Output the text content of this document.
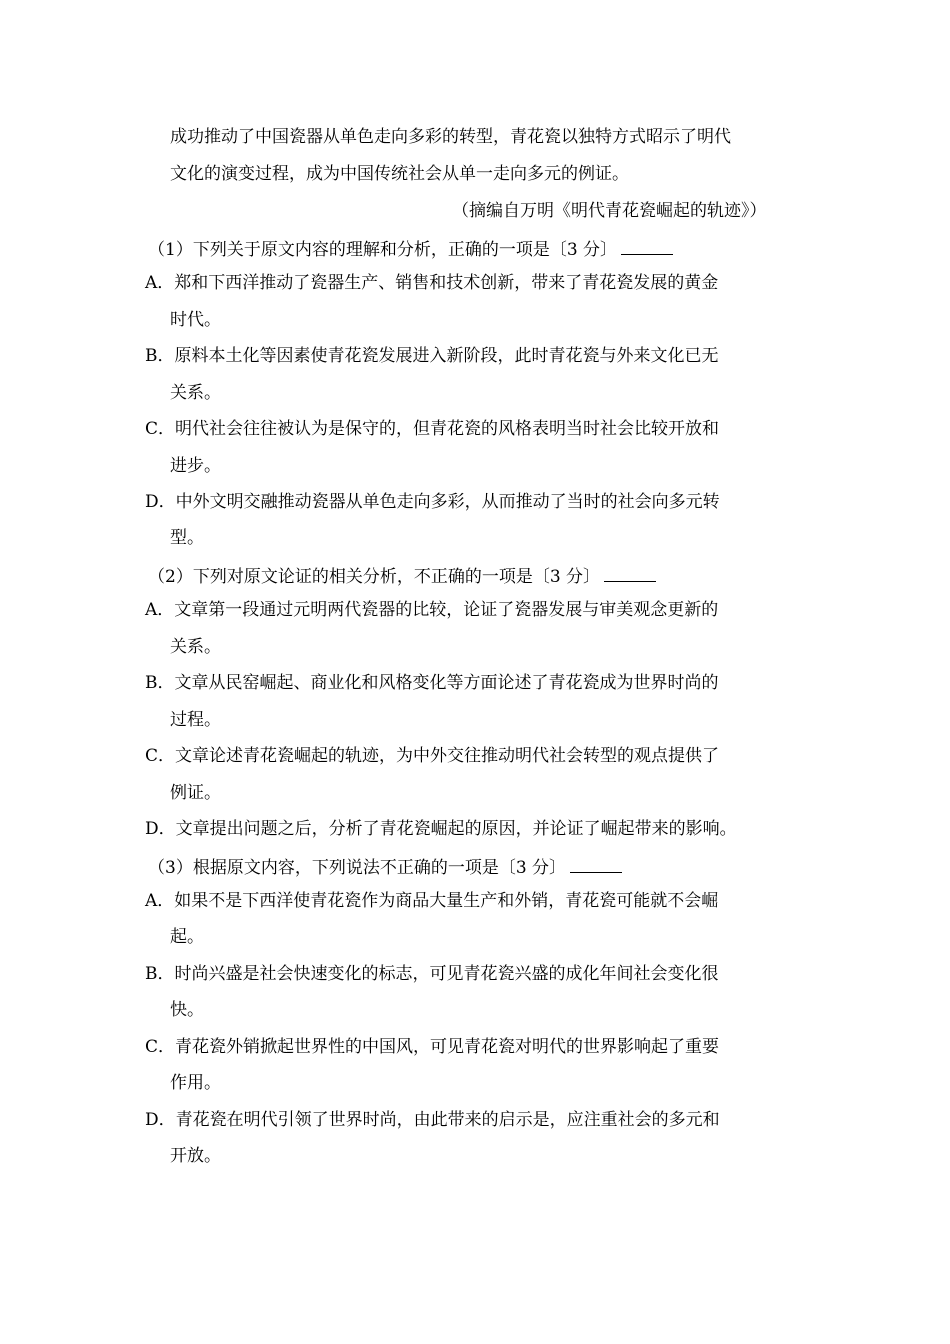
成功推动了中国瓷器从单色走向多彩的转型，青花瓷以独特方式昭示了明代
文化的演变过程，成为中国传统社会从单一走向多元的例证。
（摘编自万明《明代青花瓷崛起的轨迹》）
（1）下列关于原文内容的理解和分析，正确的一项是〔3 分〕
A．郑和下西洋推动了瓷器生产、销售和技术创新，带来了青花瓷发展的黄金
时代。
B．原料本土化等因素使青花瓷发展进入新阶段，此时青花瓷与外来文化已无
关系。
C．明代社会往往被认为是保守的，但青花瓷的风格表明当时社会比较开放和
进步。
D．中外文明交融推动瓷器从单色走向多彩，从而推动了当时的社会向多元转
型。
（2）下列对原文论证的相关分析，不正确的一项是〔3 分〕
A．文章第一段通过元明两代瓷器的比较，论证了瓷器发展与审美观念更新的
关系。
B．文章从民窑崛起、商业化和风格变化等方面论述了青花瓷成为世界时尚的
过程。
C．文章论述青花瓷崛起的轨迹，为中外交往推动明代社会转型的观点提供了
例证。
D．文章提出问题之后，分析了青花瓷崛起的原因，并论证了崛起带来的影响。
（3）根据原文内容，下列说法不正确的一项是〔3 分〕
A．如果不是下西洋使青花瓷作为商品大量生产和外销，青花瓷可能就不会崛
起。
B．时尚兴盛是社会快速变化的标志，可见青花瓷兴盛的成化年间社会变化很
快。
C．青花瓷外销掀起世界性的中国风，可见青花瓷对明代的世界影响起了重要
作用。
D．青花瓷在明代引领了世界时尚，由此带来的启示是，应注重社会的多元和
开放。
